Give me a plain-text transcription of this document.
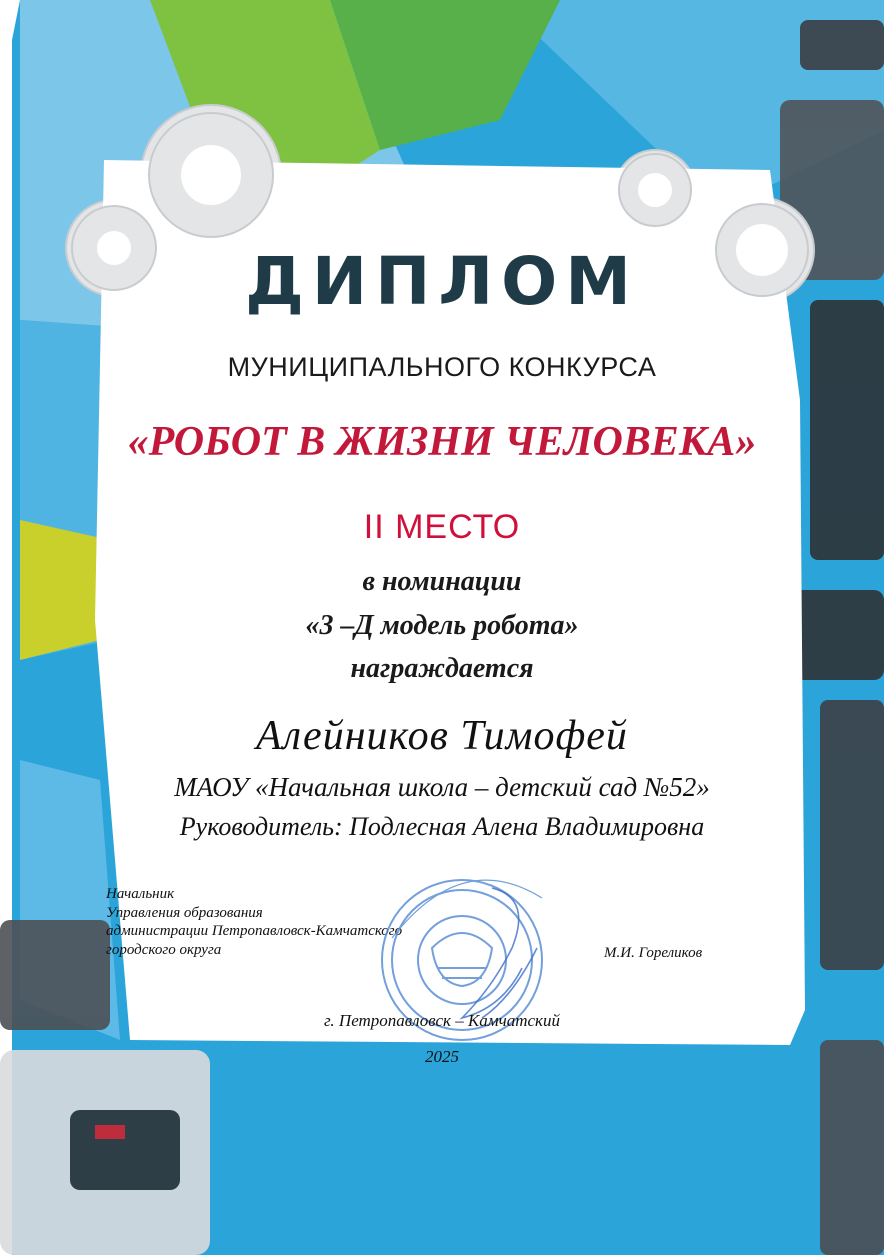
ДИПЛОМ
МУНИЦИПАЛЬНОГО КОНКУРСА
«РОБОТ В ЖИЗНИ ЧЕЛОВЕКА»
II МЕСТО
в номинации
«3 –Д модель робота»
награждается
Алейников Тимофей
МАОУ «Начальная школа – детский сад №52»
Руководитель: Подлесная Алена Владимировна
Начальник
Управления образования
администрации Петропавловск-Камчатского
городского округа	М.И. Гореликов
г. Петропавловск – Камчатский
2025
